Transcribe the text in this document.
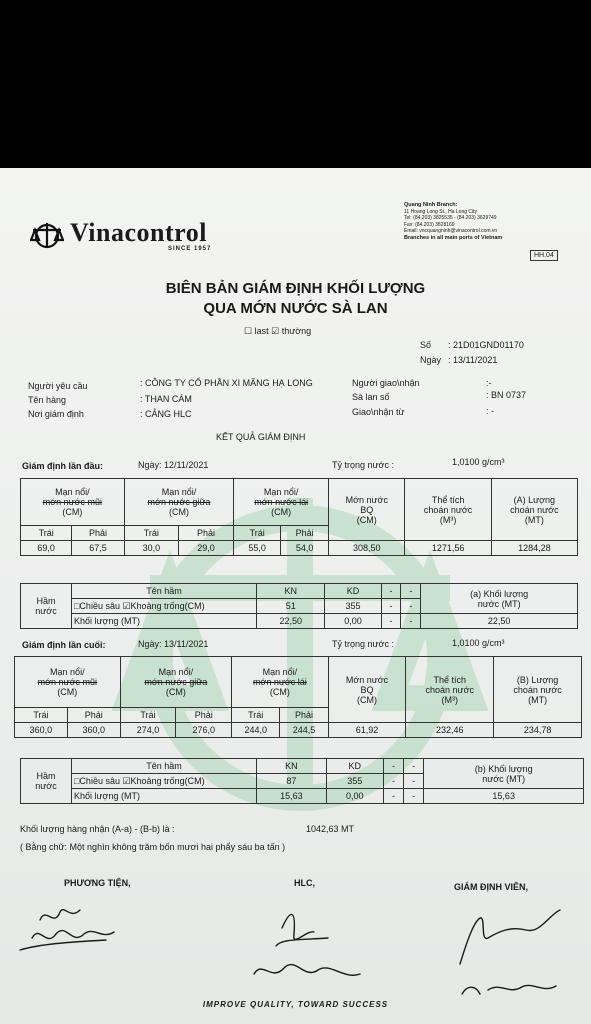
Vinacontrol
SINCE 1957
Quang Ninh Branch:
11 Hoang Long St., Ha Long City
Tel: (84.203) 3825535 - (84.203) 3629749
Fax: (84.203) 3828169
Email: vncquangninh@vinacontrol.com.vn
Branches in all main ports of Vietnam
HH.04
BIÊN BẢN GIÁM ĐỊNH KHỐI LƯỢNG
QUA MỚN NƯỚC SÀ LAN
☐ last ☑ thường
Số : 21D01GND01170
Ngày : 13/11/2021
Người yêu cầu	: CÔNG TY CỔ PHẦN XI MĂNG HẠ LONG
Tên hàng	: THAN CÁM
Nơi giám định	: CẢNG HLC
Người giao\nhận	:-
Sà lan số	: BN 0737
Giao\nhận từ	: -
KẾT QUẢ GIÁM ĐỊNH
Giám định lần đầu:	Ngày: 12/11/2021	Tỷ trọng nước :	1,0100 g/cm³
Mạn nổi/
mớn nước mũi
(CM)		Mạn nổi/
mớn nước giữa
(CM)		Mạn nổi/
mớn nước lái
(CM)		Mớn nước
BQ
(CM)	Thể tích
choán nước
(M³)	(A) Lượng
choán nước
(MT)
Trái	Phải	Trái	Phải	Trái	Phải			
69,0	67,5	30,0	29,0	55,0	54,0	308,50	1271,56	1284,28
Hầm
nước	Tên hầm	KN	KD	-	-	(a) Khối lượng
nước (MT)
	□Chiều sâu ☑Khoảng trống(CM)	51	355	-	-	
	Khối lượng (MT)	22,50	0,00	-	-	22,50
Giám định lần cuối:	Ngày: 13/11/2021	Tỷ trọng nước :	1,0100 g/cm³
Mạn nổi/
mớn nước mũi
(CM)		Mạn nổi/
mớn nước giữa
(CM)		Mạn nổi/
mớn nước lái
(CM)		Mớn nước
BQ
(CM)	Thể tích
choán nước
(M³)	(B) Lượng
choán nước
(MT)
Trái	Phải	Trái	Phải	Trái	Phải			
360,0	360,0	274,0	276,0	244,0	244,5	61,92	232,46	234,78
Hầm
nước	Tên hầm	KN	KD	-	-	(b) Khối lượng
nước (MT)
	□Chiều sâu ☑Khoảng trống(CM)	87	355	-	-	
	Khối lượng (MT)	15,63	0,00	-	-	15,63
Khối lượng hàng nhận (A-a) - (B-b) là :	1042,63 MT
( Bằng chữ: Một nghìn không trăm bốn mươi hai phẩy sáu ba tấn )
PHƯƠNG TIỆN,	HLC,	GIÁM ĐỊNH VIÊN,
IMPROVE QUALITY, TOWARD SUCCESS
